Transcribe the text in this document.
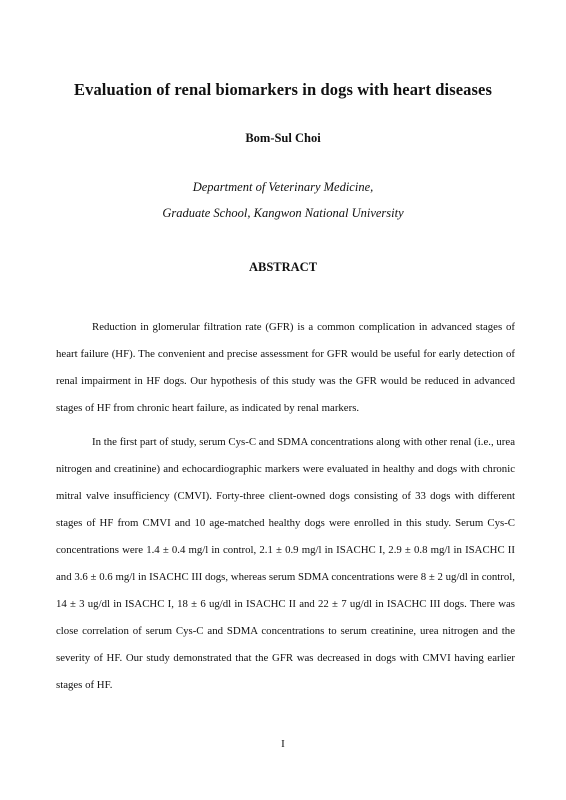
Evaluation of renal biomarkers in dogs with heart diseases
Bom-Sul Choi
Department of Veterinary Medicine,
Graduate School, Kangwon National University
ABSTRACT

Reduction in glomerular filtration rate (GFR) is a common complication in advanced stages of heart failure (HF). The convenient and precise assessment for GFR would be useful for early detection of renal impairment in HF dogs. Our hypothesis of this study was the GFR would be reduced in advanced stages of HF from chronic heart failure, as indicated by renal markers.

In the first part of study, serum Cys-C and SDMA concentrations along with other renal (i.e., urea nitrogen and creatinine) and echocardiographic markers were evaluated in healthy and dogs with chronic mitral valve insufficiency (CMVI). Forty-three client-owned dogs consisting of 33 dogs with different stages of HF from CMVI and 10 age-matched healthy dogs were enrolled in this study. Serum Cys-C concentrations were 1.4 ± 0.4 mg/l in control, 2.1 ± 0.9 mg/l in ISACHC I, 2.9 ± 0.8 mg/l in ISACHC II and 3.6 ± 0.6 mg/l in ISACHC III dogs, whereas serum SDMA concentrations were 8 ± 2 ug/dl in control, 14 ± 3 ug/dl in ISACHC I, 18 ± 6 ug/dl in ISACHC II and 22 ± 7 ug/dl in ISACHC III dogs. There was close correlation of serum Cys-C and SDMA concentrations to serum creatinine, urea nitrogen and the severity of HF. Our study demonstrated that the GFR was decreased in dogs with CMVI having earlier stages of HF.

I
